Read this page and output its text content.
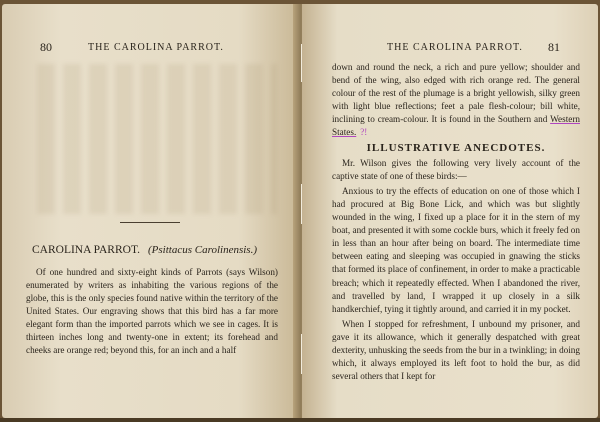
80	THE CAROLINA PARROT.
CAROLINA PARROT. (Psittacus Carolinensis.)

Of one hundred and sixty-eight kinds of Parrots (says Wilson) enumerated by writers as inhabiting the various regions of the globe, this is the only species found native within the territory of the United States. Our engraving shows that this bird has a far more elegant form than the imported parrots which we see in cages. It is thirteen inches long and twenty-one in extent; its forehead and cheeks are orange red; beyond this, for an inch and a half

THE CAROLINA PARROT. 81

down and round the neck, a rich and pure yellow; shoulder and bend of the wing, also edged with rich orange red. The general colour of the rest of the plumage is a bright yellowish, silky green with light blue reflections; feet a pale flesh-colour; bill white, inclining to cream-colour. It is found in the Southern and Western States. ?!

ILLUSTRATIVE ANECDOTES.

Mr. Wilson gives the following very lively account of the captive state of one of these birds:—

Anxious to try the effects of education on one of those which I had procured at Big Bone Lick, and which was but slightly wounded in the wing, I fixed up a place for it in the stern of my boat, and presented it with some cockle burs, which it freely fed on in less than an hour after being on board. The intermediate time between eating and sleeping was occupied in gnawing the sticks that formed its place of confinement, in order to make a practicable breach; which it repeatedly effected. When I abandoned the river, and travelled by land, I wrapped it up closely in a silk handkerchief, tying it tightly around, and carried it in my pocket.

When I stopped for refreshment, I unbound my prisoner, and gave it its allowance, which it generally despatched with great dexterity, unhusking the seeds from the bur in a twinkling; in doing which, it always employed its left foot to hold the bur, as did several others that I kept for
